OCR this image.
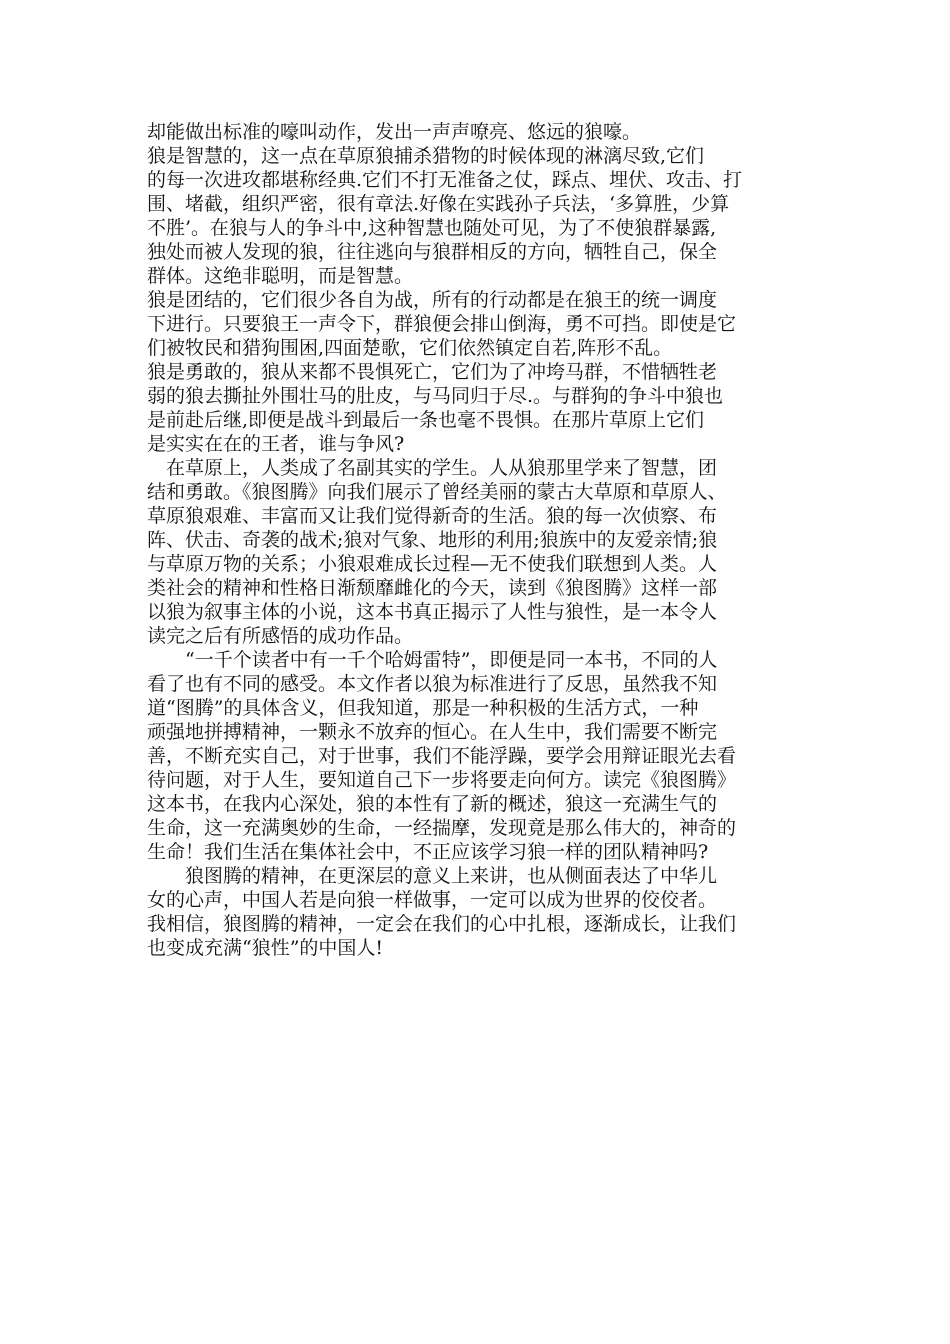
却能做出标准的嚎叫动作，发出一声声嘹亮、悠远的狼嚎。
狼是智慧的，这一点在草原狼捕杀猎物的时候体现的淋漓尽致,它们
的每一次进攻都堪称经典.它们不打无准备之仗，踩点、埋伏、攻击、打
围、堵截，组织严密，很有章法.好像在实践孙子兵法，‘多算胜，少算
不胜’。在狼与人的争斗中,这种智慧也随处可见，为了不使狼群暴露,
独处而被人发现的狼，往往逃向与狼群相反的方向，牺牲自己，保全
群体。这绝非聪明，而是智慧。
狼是团结的，它们很少各自为战，所有的行动都是在狼王的统一调度
下进行。只要狼王一声令下，群狼便会排山倒海，勇不可挡。即使是它
们被牧民和猎狗围困,四面楚歌，它们依然镇定自若,阵形不乱。
狼是勇敢的，狼从来都不畏惧死亡，它们为了冲垮马群，不惜牺牲老
弱的狼去撕扯外围壮马的肚皮，与马同归于尽.。与群狗的争斗中狼也
是前赴后继,即便是战斗到最后一条也毫不畏惧。在那片草原上它们
是实实在在的王者，谁与争风?
　在草原上，人类成了名副其实的学生。人从狼那里学来了智慧，团
结和勇敢。《狼图腾》向我们展示了曾经美丽的蒙古大草原和草原人、
草原狼艰难、丰富而又让我们觉得新奇的生活。狼的每一次侦察、布
阵、伏击、奇袭的战术;狼对气象、地形的利用;狼族中的友爱亲情;狼
与草原万物的关系；小狼艰难成长过程—无不使我们联想到人类。人
类社会的精神和性格日渐颓靡雌化的今天，读到《狼图腾》这样一部
以狼为叙事主体的小说，这本书真正揭示了人性与狼性，是一本令人
读完之后有所感悟的成功作品。
　　“一千个读者中有一千个哈姆雷特”，即便是同一本书，不同的人
看了也有不同的感受。本文作者以狼为标准进行了反思，虽然我不知
道“图腾”的具体含义，但我知道，那是一种积极的生活方式，一种
顽强地拼搏精神，一颗永不放弃的恒心。在人生中，我们需要不断完
善，不断充实自己，对于世事，我们不能浮躁，要学会用辩证眼光去看
待问题，对于人生，要知道自己下一步将要走向何方。读完《狼图腾》
这本书，在我内心深处，狼的本性有了新的概述，狼这一充满生气的
生命，这一充满奥妙的生命，一经揣摩，发现竟是那么伟大的，神奇的
生命！我们生活在集体社会中，不正应该学习狼一样的团队精神吗?
　　狼图腾的精神，在更深层的意义上来讲，也从侧面表达了中华儿
女的心声，中国人若是向狼一样做事，一定可以成为世界的佼佼者。
我相信，狼图腾的精神，一定会在我们的心中扎根，逐渐成长，让我们
也变成充满“狼性”的中国人!
